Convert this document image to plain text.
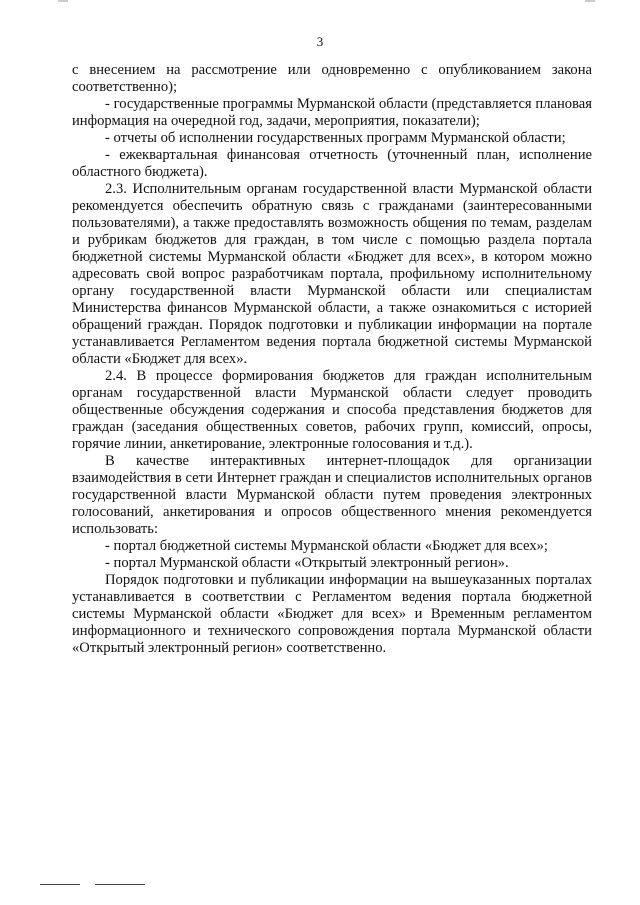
3

с внесением на рассмотрение или одновременно с опубликованием закона соответственно);

- государственные программы Мурманской области (представляется плановая информация на очередной год, задачи, мероприятия, показатели);

- отчеты об исполнении государственных программ Мурманской области;

- ежеквартальная финансовая отчетность (уточненный план, исполнение областного бюджета).

2.3. Исполнительным органам государственной власти Мурманской области рекомендуется обеспечить обратную связь с гражданами (заинтересованными пользователями), а также предоставлять возможность общения по темам, разделам и рубрикам бюджетов для граждан, в том числе с помощью раздела портала бюджетной системы Мурманской области «Бюджет для всех», в котором можно адресовать свой вопрос разработчикам портала, профильному исполнительному органу государственной власти Мурманской области или специалистам Министерства финансов Мурманской области, а также ознакомиться с историей обращений граждан. Порядок подготовки и публикации информации на портале устанавливается Регламентом ведения портала бюджетной системы Мурманской области «Бюджет для всех».

2.4. В процессе формирования бюджетов для граждан исполнительным органам государственной власти Мурманской области следует проводить общественные обсуждения содержания и способа представления бюджетов для граждан (заседания общественных советов, рабочих групп, комиссий, опросы, горячие линии, анкетирование, электронные голосования и т.д.).

В качестве интерактивных интернет-площадок для организации взаимодействия в сети Интернет граждан и специалистов исполнительных органов государственной власти Мурманской области путем проведения электронных голосований, анкетирования и опросов общественного мнения рекомендуется использовать:

- портал бюджетной системы Мурманской области «Бюджет для всех»;

- портал Мурманской области «Открытый электронный регион».

Порядок подготовки и публикации информации на вышеуказанных порталах устанавливается в соответствии с Регламентом ведения портала бюджетной системы Мурманской области «Бюджет для всех» и Временным регламентом информационного и технического сопровождения портала Мурманской области «Открытый электронный регион» соответственно.
